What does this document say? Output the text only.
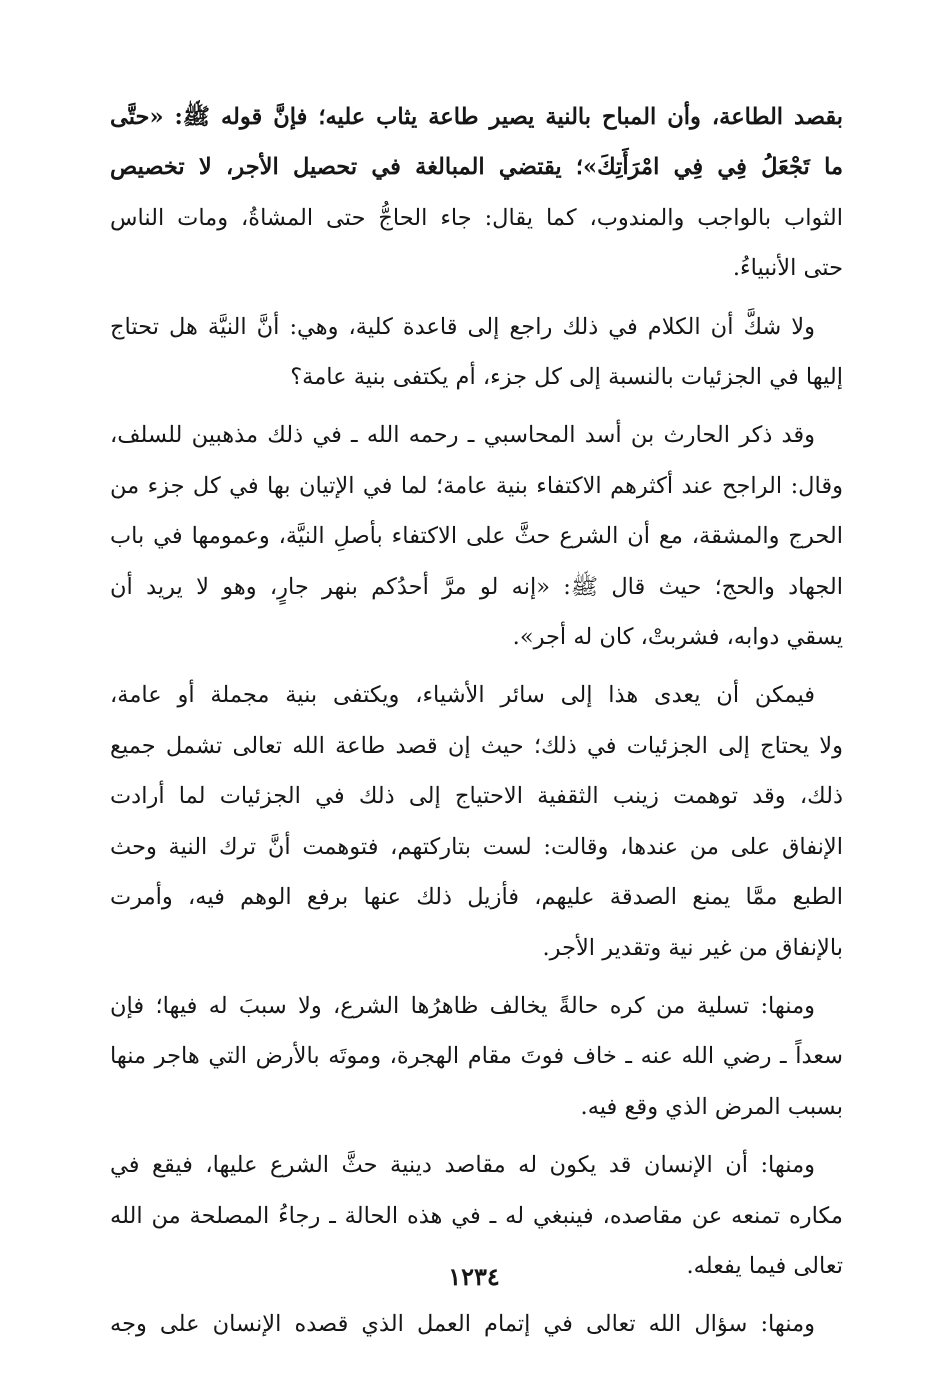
بقصد الطاعة، وأن المباح بالنية يصير طاعة يثاب عليه؛ فإنَّ قوله ﷺ: «حتَّى
ما تَجْعَلُ فِي فِي امْرَأَتِكَ»؛ يقتضي المبالغة في تحصيل الأجر، لا تخصيص
الثواب بالواجب والمندوب، كما يقال: جاء الحاجُّ حتى المشاةُ، ومات الناس
حتى الأنبياءُ.
ولا شكَّ أن الكلام في ذلك راجع إلى قاعدة كلية، وهي: أنَّ النيَّة هل تحتاج
إليها في الجزئيات بالنسبة إلى كل جزء، أم يكتفى بنية عامة؟
وقد ذكر الحارث بن أسد المحاسبي ـ رحمه الله ـ في ذلك مذهبين للسلف،
وقال: الراجح عند أكثرهم الاكتفاء بنية عامة؛ لما في الإتيان بها في كل جزء من
الحرج والمشقة، مع أن الشرع حثَّ على الاكتفاء بأصلِ النيَّة، وعمومها في باب
الجهاد والحج؛ حيث قال ﷺ: «إنه لو مرَّ أحدُكم بنهر جارٍ، وهو لا يريد أن
يسقي دوابه، فشربتْ، كان له أجر».
فيمكن أن يعدى هذا إلى سائر الأشياء، ويكتفى بنية مجملة أو عامة،
ولا يحتاج إلى الجزئيات في ذلك؛ حيث إن قصد طاعة الله تعالى تشمل جميع
ذلك، وقد توهمت زينب الثقفية الاحتياج إلى ذلك في الجزئيات لما أرادت
الإنفاق على من عندها، وقالت: لست بتاركتهم، فتوهمت أنَّ ترك النية وحث
الطبع ممَّا يمنع الصدقة عليهم، فأزيل ذلك عنها برفع الوهم فيه، وأمرت
بالإنفاق من غير نية وتقدير الأجر.
ومنها: تسلية من كره حالةً يخالف ظاهرُها الشرع، ولا سببَ له فيها؛ فإن
سعداً ـ رضي الله عنه ـ خاف فوتَ مقام الهجرة، وموتَه بالأرض التي هاجر منها
بسبب المرض الذي وقع فيه.
ومنها: أن الإنسان قد يكون له مقاصد دينية حثَّ الشرع عليها، فيقع في
مكاره تمنعه عن مقاصده، فينبغي له ـ في هذه الحالة ـ رجاءُ المصلحة من الله
تعالى فيما يفعله.
ومنها: سؤال الله تعالى في إتمام العمل الذي قصده الإنسان على وجه
١٢٣٤
